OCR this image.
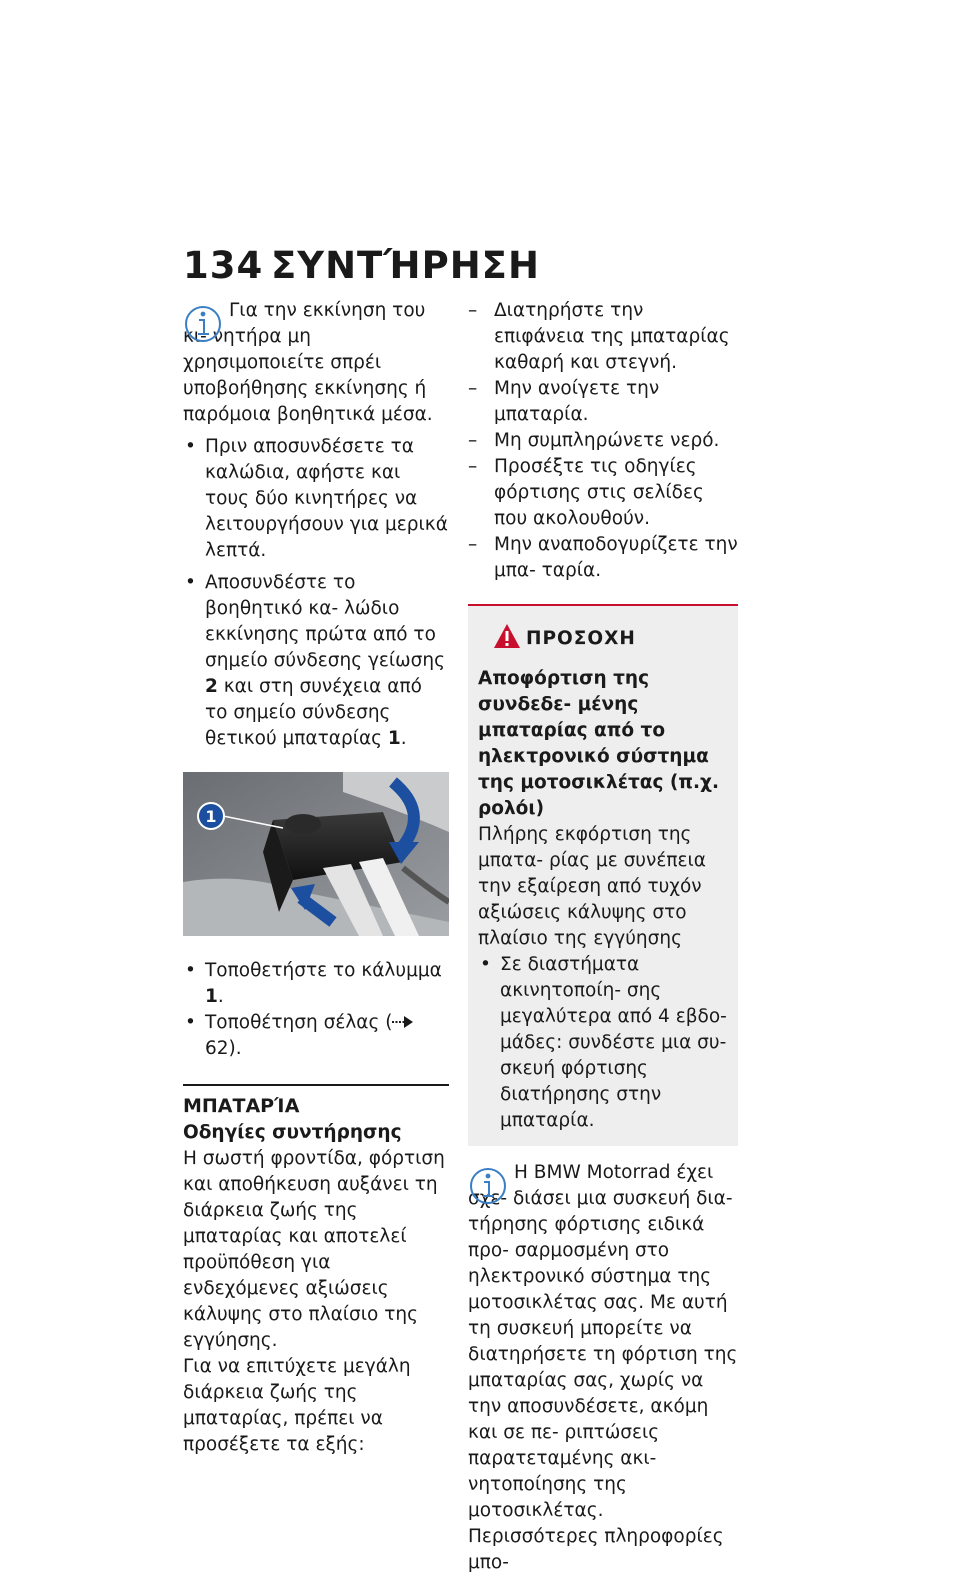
134 ΣΥΝΤΉΡΗΣΗ

Για την εκκίνηση του κι- νητήρα μη χρησιμοποιείτε σπρέι υποβοήθησης εκκίνησης ή παρόμοια βοηθητικά μέσα.

• Πριν αποσυνδέσετε τα καλώδια, αφήστε και τους δύο κινητήρες να λειτουργήσουν για μερικά λεπτά.
• Αποσυνδέστε το βοηθητικό κα- λώδιο εκκίνησης πρώτα από το σημείο σύνδεσης γείωσης 2 και στη συνέχεια από το σημείο σύνδεσης θετικού μπαταρίας 1.
1
• Τοποθετήστε το κάλυμμα 1.
• Τοποθέτηση σέλας (62).
ΜΠΑΤΑΡΊΑ

Οδηγίες συντήρησης

Η σωστή φροντίδα, φόρτιση και αποθήκευση αυξάνει τη διάρκεια ζωής της μπαταρίας και αποτελεί προϋπόθεση για ενδεχόμενες αξιώσεις κάλυψης στο πλαίσιο της εγγύησης.

Για να επιτύχετε μεγάλη διάρκεια ζωής της μπαταρίας, πρέπει να προσέξετε τα εξής:

– Διατηρήστε την επιφάνεια της μπαταρίας καθαρή και στεγνή.
– Μην ανοίγετε την μπαταρία.
– Μη συμπληρώνετε νερό.
– Προσέξτε τις οδηγίες φόρτισης στις σελίδες που ακολουθούν.
– Μην αναποδογυρίζετε την μπα- ταρία.
ΠΡΟΣΟΧΗ

Αποφόρτιση της συνδεδε- μένης μπαταρίας από το ηλεκτρονικό σύστημα της μοτοσικλέτας (π.χ. ρολόι)

Πλήρης εκφόρτιση της μπατα- ρίας με συνέπεια την εξαίρεση από τυχόν αξιώσεις κάλυψης στο πλαίσιο της εγγύησης

• Σε διαστήματα ακινητοποίη- σης μεγαλύτερα από 4 εβδο- μάδες: συνδέστε μια συ- σκευή φόρτισης διατήρησης στην μπαταρία.

Η BMW Motorrad έχει σχε- διάσει μια συσκευή δια- τήρησης φόρτισης ειδικά προ- σαρμοσμένη στο ηλεκτρονικό σύστημα της μοτοσικλέτας σας. Με αυτή τη συσκευή μπορείτε να διατηρήσετε τη φόρτιση της μπαταρίας σας, χωρίς να την αποσυνδέσετε, ακόμη και σε πε- ριπτώσεις παρατεταμένης ακι- νητοποίησης της μοτοσικλέτας. Περισσότερες πληροφορίες μπο-
